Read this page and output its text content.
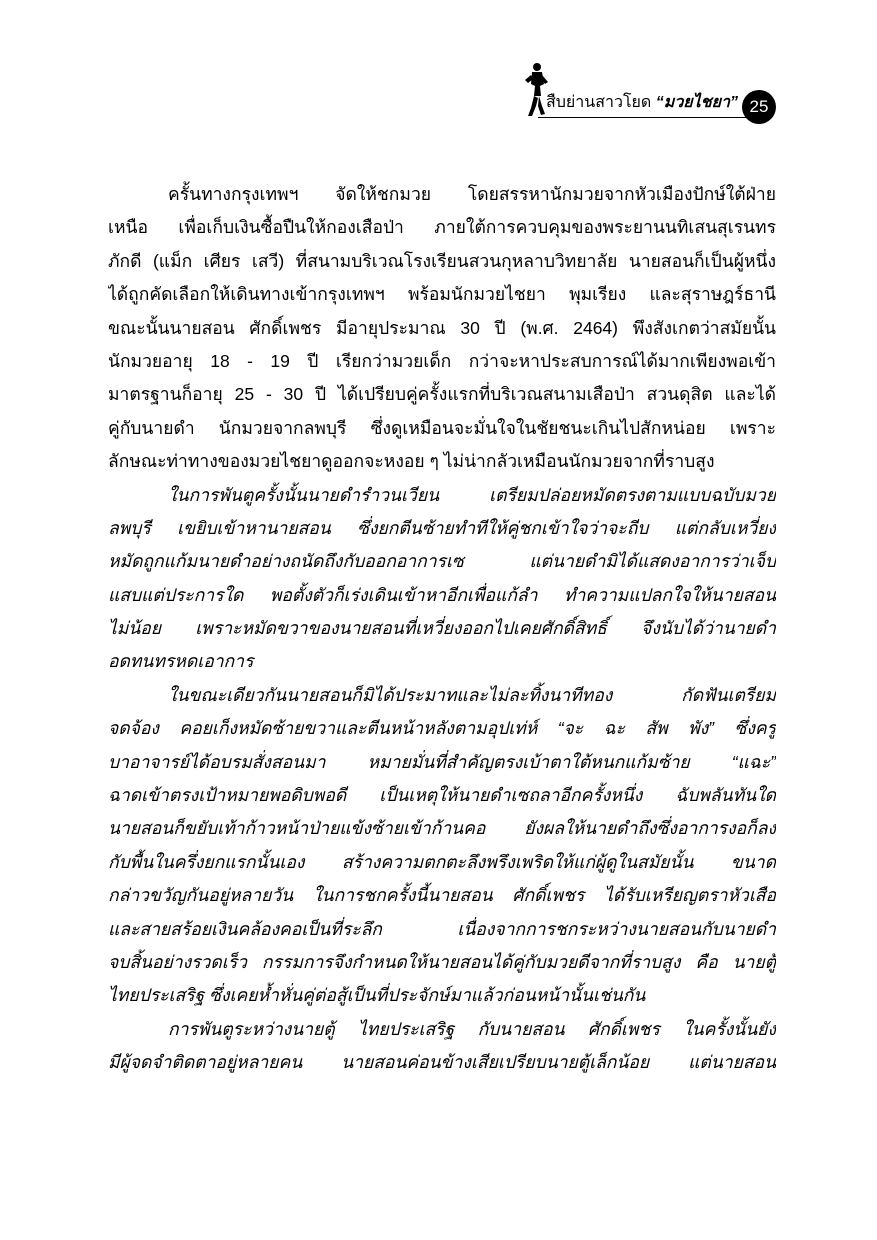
สืบย่านสาวโยด “มวยไชยา” 25
ครั้นทางกรุงเทพฯ จัดให้ชกมวย โดยสรรหานักมวยจากหัวเมืองปักษ์ใต้ฝ่าย
เหนือ เพื่อเก็บเงินซื้อปืนให้กองเสือป่า ภายใต้การควบคุมของพระยานนทิเสนสุเรนทร
ภักดี (แม็ก เศียร เสวี) ที่สนามบริเวณโรงเรียนสวนกุหลาบวิทยาลัย นายสอนก็เป็นผู้หนึ่ง
ได้ถูกคัดเลือกให้เดินทางเข้ากรุงเทพฯ พร้อมนักมวยไชยา พุมเรียง และสุราษฎร์ธานี
ขณะนั้นนายสอน ศักดิ์เพชร มีอายุประมาณ 30 ปี (พ.ศ. 2464) พึงสังเกตว่าสมัยนั้น
นักมวยอายุ 18 - 19 ปี เรียกว่ามวยเด็ก กว่าจะหาประสบการณ์ได้มากเพียงพอเข้า
มาตรฐานก็อายุ 25 - 30 ปี ได้เปรียบคู่ครั้งแรกที่บริเวณสนามเสือป่า สวนดุสิต และได้
คู่กับนายดำ นักมวยจากลพบุรี ซึ่งดูเหมือนจะมั่นใจในชัยชนะเกินไปสักหน่อย เพราะ
ลักษณะท่าทางของมวยไชยาดูออกจะหงอย ๆ ไม่น่ากลัวเหมือนนักมวยจากที่ราบสูง
ในการพันตูครั้งนั้นนายดำรำวนเวียน เตรียมปล่อยหมัดตรงตามแบบฉบับมวย
ลพบุรี เขยิบเข้าหานายสอน ซึ่งยกตีนซ้ายทำทีให้คู่ชกเข้าใจว่าจะถีบ แต่กลับเหวี่ยง
หมัดถูกแก้มนายดำอย่างถนัดถึงกับออกอาการเซ แต่นายดำมิได้แสดงอาการว่าเจ็บ
แสบแต่ประการใด พอตั้งตัวก็เร่งเดินเข้าหาอีกเพื่อแก้ลำ ทำความแปลกใจให้นายสอน
ไม่น้อย เพราะหมัดขวาของนายสอนที่เหวี่ยงออกไปเคยศักดิ์สิทธิ์ จึงนับได้ว่านายดำ
อดทนทรหดเอาการ
ในขณะเดียวกันนายสอนก็มิได้ประมาทและไม่ละทิ้งนาทีทอง กัดฟันเตรียม
จดจ้อง คอยเก็งหมัดซ้ายขวาและตีนหน้าหลังตามอุปเท่ห์ “จะ ฉะ สัพ พัง” ซึ่งครู
บาอาจารย์ได้อบรมสั่งสอนมา หมายมั่นที่สำคัญตรงเบ้าตาใต้หนกแก้มซ้าย “แฉะ”
ฉาดเข้าตรงเป้าหมายพอดิบพอดี เป็นเหตุให้นายดำเซถลาอีกครั้งหนึ่ง ฉับพลันทันใด
นายสอนก็ขยับเท้าก้าวหน้าป่ายแข้งซ้ายเข้าก้านคอ ยังผลให้นายดำถึงซึ่งอาการงอก็ลง
กับพื้นในครึ่งยกแรกนั้นเอง สร้างความตกตะลึงพรึงเพริดให้แก่ผู้ดูในสมัยนั้น ขนาด
กล่าวขวัญกันอยู่หลายวัน ในการชกครั้งนี้นายสอน ศักดิ์เพชร ได้รับเหรียญตราหัวเสือ
และสายสร้อยเงินคล้องคอเป็นที่ระลึก เนื่องจากการชกระหว่างนายสอนกับนายดำ
จบสิ้นอย่างรวดเร็ว กรรมการจึงกำหนดให้นายสอนได้คู่กับมวยดีจากที่ราบสูง คือ นายตู้
ไทยประเสริฐ ซึ่งเคยห้ำหั่นคู่ต่อสู้เป็นที่ประจักษ์มาแล้วก่อนหน้านั้นเช่นกัน
การพันตูระหว่างนายตู้ ไทยประเสริฐ กับนายสอน ศักดิ์เพชร ในครั้งนั้นยัง
มีผู้จดจำติดตาอยู่หลายคน นายสอนค่อนข้างเสียเปรียบนายตู้เล็กน้อย แต่นายสอน
